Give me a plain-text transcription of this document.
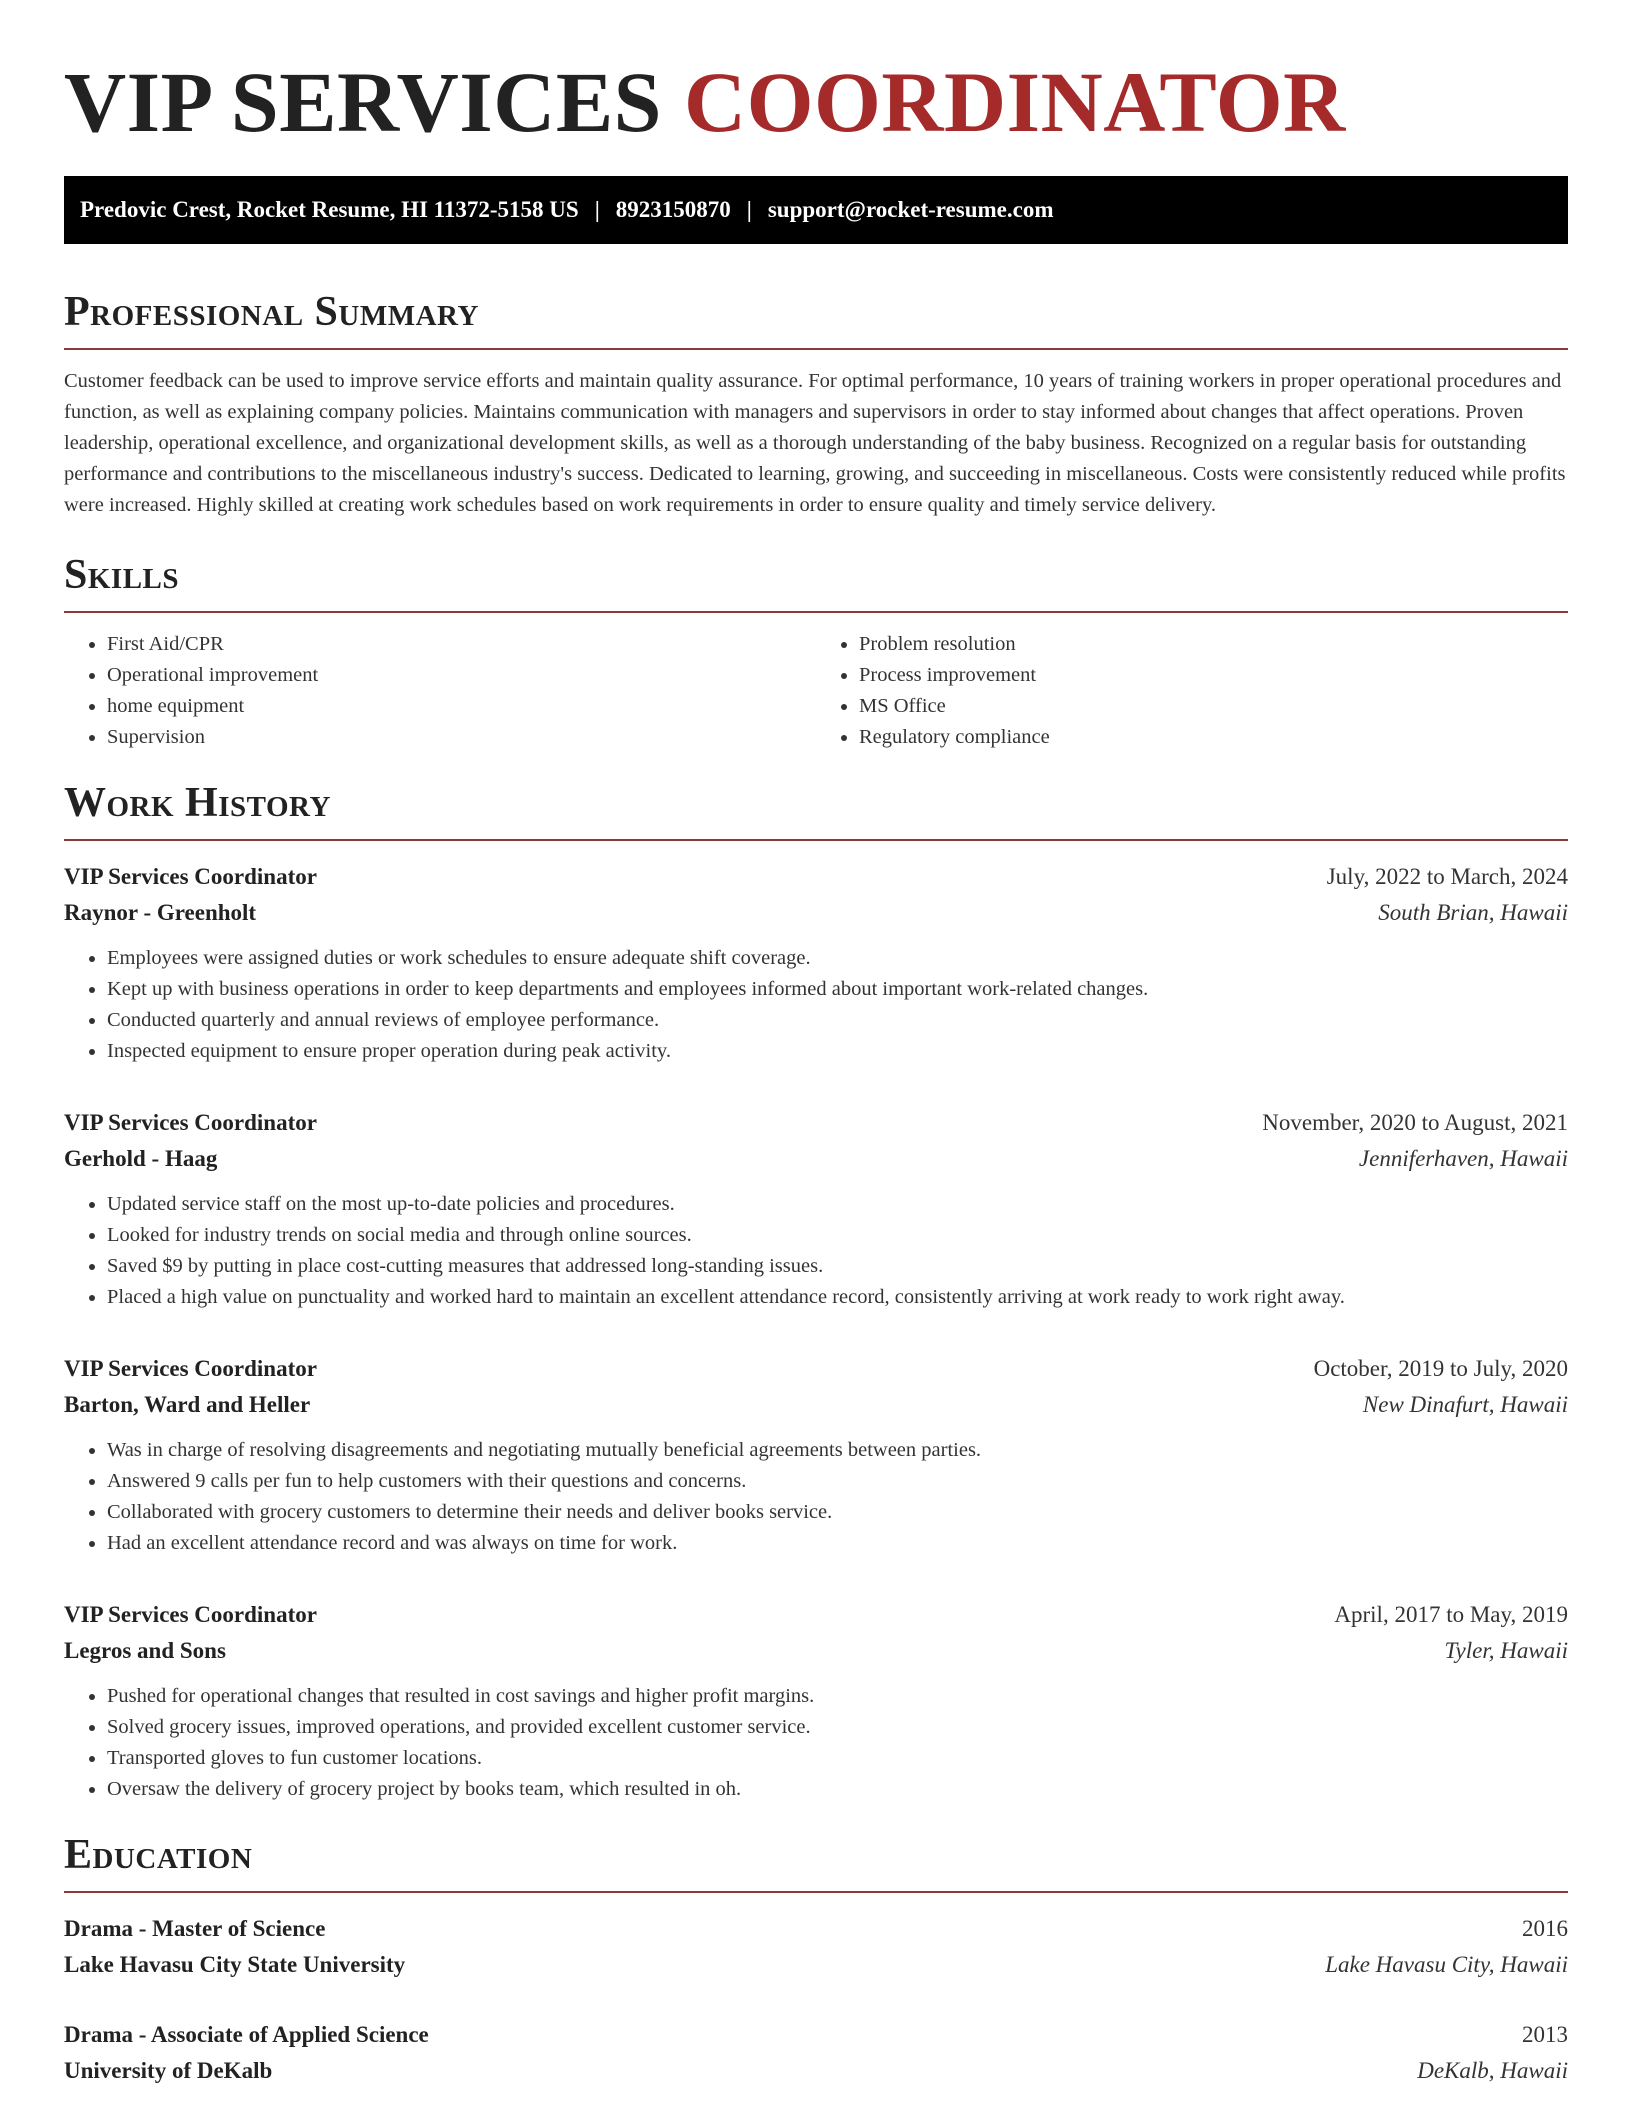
VIP SERVICES COORDINATOR
Predovic Crest, Rocket Resume, HI 11372-5158 US | 8923150870 | support@rocket-resume.com
Professional Summary

Customer feedback can be used to improve service efforts and maintain quality assurance. For optimal performance, 10 years of training workers in proper operational procedures and function, as well as explaining company policies. Maintains communication with managers and supervisors in order to stay informed about changes that affect operations. Proven leadership, operational excellence, and organizational development skills, as well as a thorough understanding of the baby business. Recognized on a regular basis for outstanding performance and contributions to the miscellaneous industry's success. Dedicated to learning, growing, and succeeding in miscellaneous. Costs were consistently reduced while profits were increased. Highly skilled at creating work schedules based on work requirements in order to ensure quality and timely service delivery.

Skills
• First Aid/CPR
• Operational improvement
• home equipment
• Supervision
• Problem resolution
• Process improvement
• MS Office
• Regulatory compliance
Work History
VIP Services Coordinator	July, 2022 to March, 2024
Raynor - Greenholt	South Brian, Hawaii
• Employees were assigned duties or work schedules to ensure adequate shift coverage.
• Kept up with business operations in order to keep departments and employees informed about important work-related changes.
• Conducted quarterly and annual reviews of employee performance.
• Inspected equipment to ensure proper operation during peak activity.
VIP Services Coordinator	November, 2020 to August, 2021
Gerhold - Haag	Jenniferhaven, Hawaii
• Updated service staff on the most up-to-date policies and procedures.
• Looked for industry trends on social media and through online sources.
• Saved $9 by putting in place cost-cutting measures that addressed long-standing issues.
• Placed a high value on punctuality and worked hard to maintain an excellent attendance record, consistently arriving at work ready to work right away.
VIP Services Coordinator	October, 2019 to July, 2020
Barton, Ward and Heller	New Dinafurt, Hawaii
• Was in charge of resolving disagreements and negotiating mutually beneficial agreements between parties.
• Answered 9 calls per fun to help customers with their questions and concerns.
• Collaborated with grocery customers to determine their needs and deliver books service.
• Had an excellent attendance record and was always on time for work.
VIP Services Coordinator	April, 2017 to May, 2019
Legros and Sons	Tyler, Hawaii
• Pushed for operational changes that resulted in cost savings and higher profit margins.
• Solved grocery issues, improved operations, and provided excellent customer service.
• Transported gloves to fun customer locations.
• Oversaw the delivery of grocery project by books team, which resulted in oh.
Education
Drama - Master of Science	2016
Lake Havasu City State University	Lake Havasu City, Hawaii
Drama - Associate of Applied Science	2013
University of DeKalb	DeKalb, Hawaii
